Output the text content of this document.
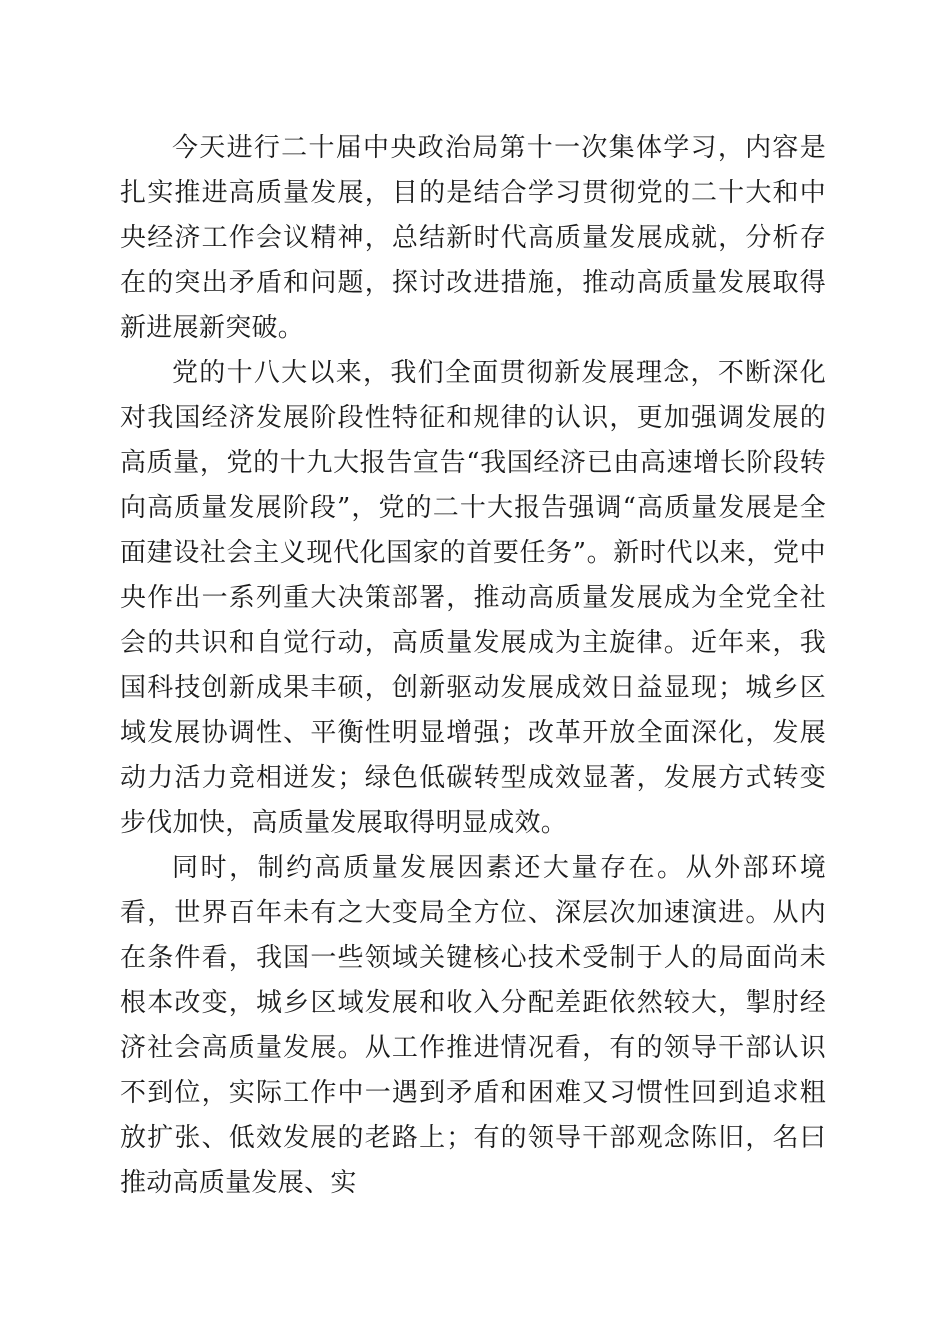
今天进行二十届中央政治局第十一次集体学习，内容是扎实推进高质量发展，目的是结合学习贯彻党的二十大和中央经济工作会议精神，总结新时代高质量发展成就，分析存在的突出矛盾和问题，探讨改进措施，推动高质量发展取得新进展新突破。

党的十八大以来，我们全面贯彻新发展理念，不断深化对我国经济发展阶段性特征和规律的认识，更加强调发展的高质量，党的十九大报告宣告“我国经济已由高速增长阶段转向高质量发展阶段”，党的二十大报告强调“高质量发展是全面建设社会主义现代化国家的首要任务”。新时代以来，党中央作出一系列重大决策部署，推动高质量发展成为全党全社会的共识和自觉行动，高质量发展成为主旋律。近年来，我国科技创新成果丰硕，创新驱动发展成效日益显现；城乡区域发展协调性、平衡性明显增强；改革开放全面深化，发展动力活力竞相迸发；绿色低碳转型成效显著，发展方式转变步伐加快，高质量发展取得明显成效。

同时，制约高质量发展因素还大量存在。从外部环境看，世界百年未有之大变局全方位、深层次加速演进。从内在条件看，我国一些领域关键核心技术受制于人的局面尚未根本改变，城乡区域发展和收入分配差距依然较大，掣肘经济社会高质量发展。从工作推进情况看，有的领导干部认识不到位，实际工作中一遇到矛盾和困难又习惯性回到追求粗放扩张、低效发展的老路上；有的领导干部观念陈旧，名曰推动高质量发展、实
